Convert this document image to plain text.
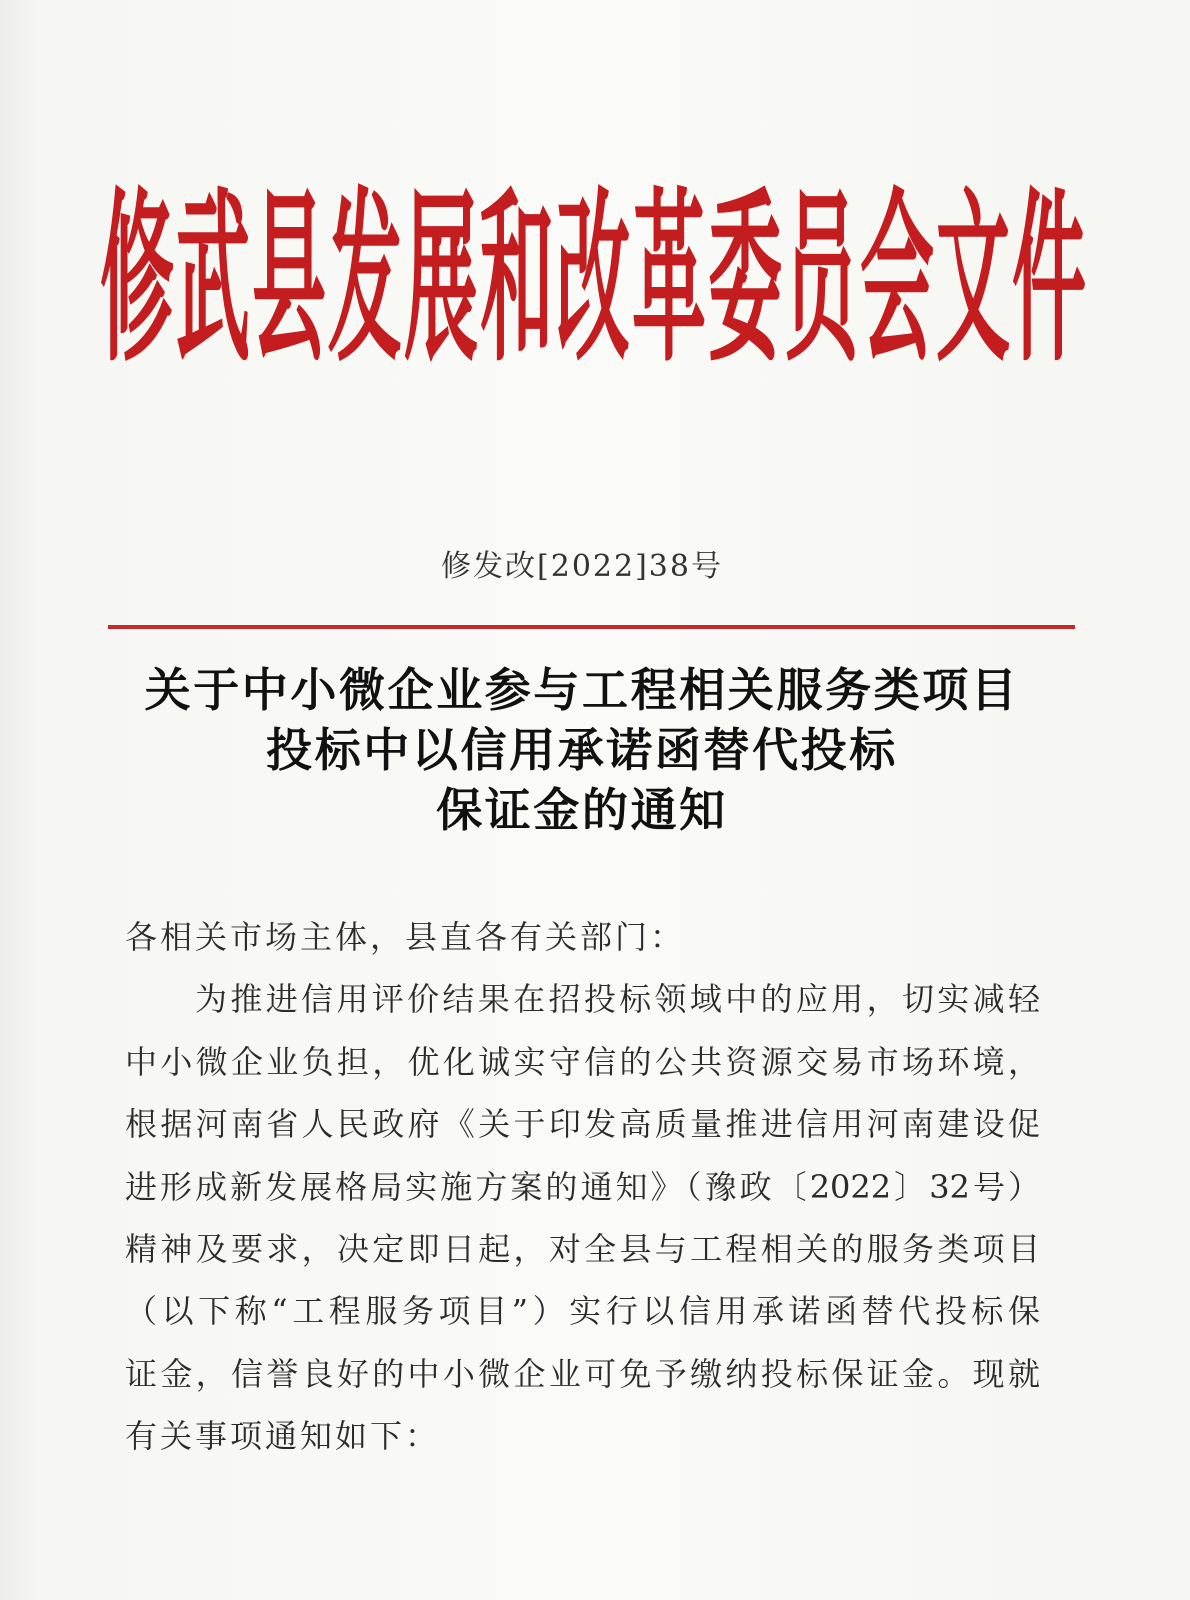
修武县发展和改革委员会文件
修发改[2022]38号
关于中小微企业参与工程相关服务类项目
投标中以信用承诺函替代投标
保证金的通知
各相关市场主体，县直各有关部门：
为推进信用评价结果在招投标领域中的应用，切实减轻
中小微企业负担，优化诚实守信的公共资源交易市场环境，
根据河南省人民政府《关于印发高质量推进信用河南建设促
进形成新发展格局实施方案的通知》（豫政〔2022〕32号）
精神及要求，决定即日起，对全县与工程相关的服务类项目
（以下称“工程服务项目”）实行以信用承诺函替代投标保
证金，信誉良好的中小微企业可免予缴纳投标保证金。现就
有关事项通知如下：
